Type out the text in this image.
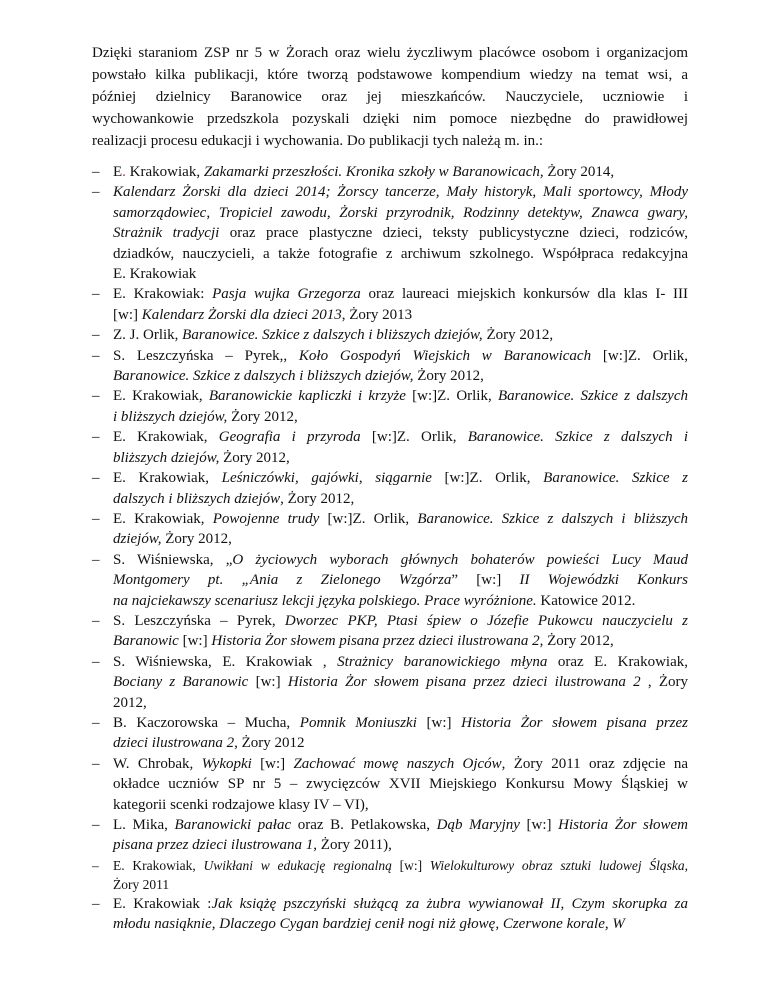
Dzięki staraniom ZSP nr 5 w Żorach oraz wielu życzliwym placówce osobom i organizacjom
powstało kilka publikacji, które tworzą podstawowe kompendium wiedzy na temat wsi, a
później dzielnicy Baranowice oraz jej mieszkańców. Nauczyciele, uczniowie i
wychowankowie przedszkola pozyskali dzięki nim pomoce niezbędne do prawidłowej
realizacji procesu edukacji i wychowania. Do publikacji tych należą m. in.:

– E. Krakowiak, Zakamarki przeszłości. Kronika szkoły w Baranowicach, Żory 2014,
– Kalendarz Żorski dla dzieci 2014; Żorscy tancerze, Mały historyk, Mali sportowcy, Młody
samorządowiec, Tropiciel zawodu, Żorski przyrodnik, Rodzinny detektyw, Znawca gwary,
Strażnik tradycji oraz prace plastyczne dzieci, teksty publicystyczne dzieci, rodziców,
dziadków, nauczycieli, a także fotografie z archiwum szkolnego. Współpraca redakcyjna
E. Krakowiak
– E. Krakowiak: Pasja wujka Grzegorza oraz laureaci miejskich konkursów dla klas I- III
[w:] Kalendarz Żorski dla dzieci 2013, Żory 2013
– Z. J. Orlik, Baranowice. Szkice z dalszych i bliższych dziejów, Żory 2012,
– S. Leszczyńska – Pyrek,, Koło Gospodyń Wiejskich w Baranowicach [w:]Z. Orlik,
Baranowice. Szkice z dalszych i bliższych dziejów, Żory 2012,
– E. Krakowiak, Baranowickie kapliczki i krzyże [w:]Z. Orlik, Baranowice. Szkice z dalszych
i bliższych dziejów, Żory 2012,
– E. Krakowiak, Geografia i przyroda [w:]Z. Orlik, Baranowice. Szkice z dalszych i
bliższych dziejów, Żory 2012,
– E. Krakowiak, Leśniczówki, gajówki, siągarnie [w:]Z. Orlik, Baranowice. Szkice z
dalszych i bliższych dziejów, Żory 2012,
– E. Krakowiak, Powojenne trudy [w:]Z. Orlik, Baranowice. Szkice z dalszych i bliższych
dziejów, Żory 2012,
– S. Wiśniewska, „O życiowych wyborach głównych bohaterów powieści Lucy Maud
Montgomery pt. „Ania z Zielonego Wzgórza” [w:] II Wojewódzki Konkurs
na najciekawszy scenariusz lekcji języka polskiego. Prace wyróżnione. Katowice 2012.
– S. Leszczyńska – Pyrek, Dworzec PKP, Ptasi śpiew o Józefie Pukowcu nauczycielu z
Baranowic [w:] Historia Żor słowem pisana przez dzieci ilustrowana 2, Żory 2012,
– S. Wiśniewska, E. Krakowiak , Strażnicy baranowickiego młyna oraz E. Krakowiak,
Bociany z Baranowic [w:] Historia Żor słowem pisana przez dzieci ilustrowana 2 , Żory
2012,
– B. Kaczorowska – Mucha, Pomnik Moniuszki [w:] Historia Żor słowem pisana przez
dzieci ilustrowana 2, Żory 2012
– W. Chrobak, Wykopki [w:] Zachować mowę naszych Ojców, Żory 2011 oraz zdjęcie na
okładce uczniów SP nr 5 – zwycięzców XVII Miejskiego Konkursu Mowy Śląskiej w
kategorii scenki rodzajowe klasy IV – VI),
– L. Mika, Baranowicki pałac oraz B. Petlakowska, Dąb Maryjny [w:] Historia Żor słowem
pisana przez dzieci ilustrowana 1, Żory 2011),
– E. Krakowiak, Uwikłani w edukację regionalną [w:] Wielokulturowy obraz sztuki ludowej Śląska,
Żory 2011
– E. Krakowiak :Jak książę pszczyński służącą za żubra wywianował II, Czym skorupka za
młodu nasiąknie, Dlaczego Cygan bardziej cenił nogi niż głowę, Czerwone korale, W
